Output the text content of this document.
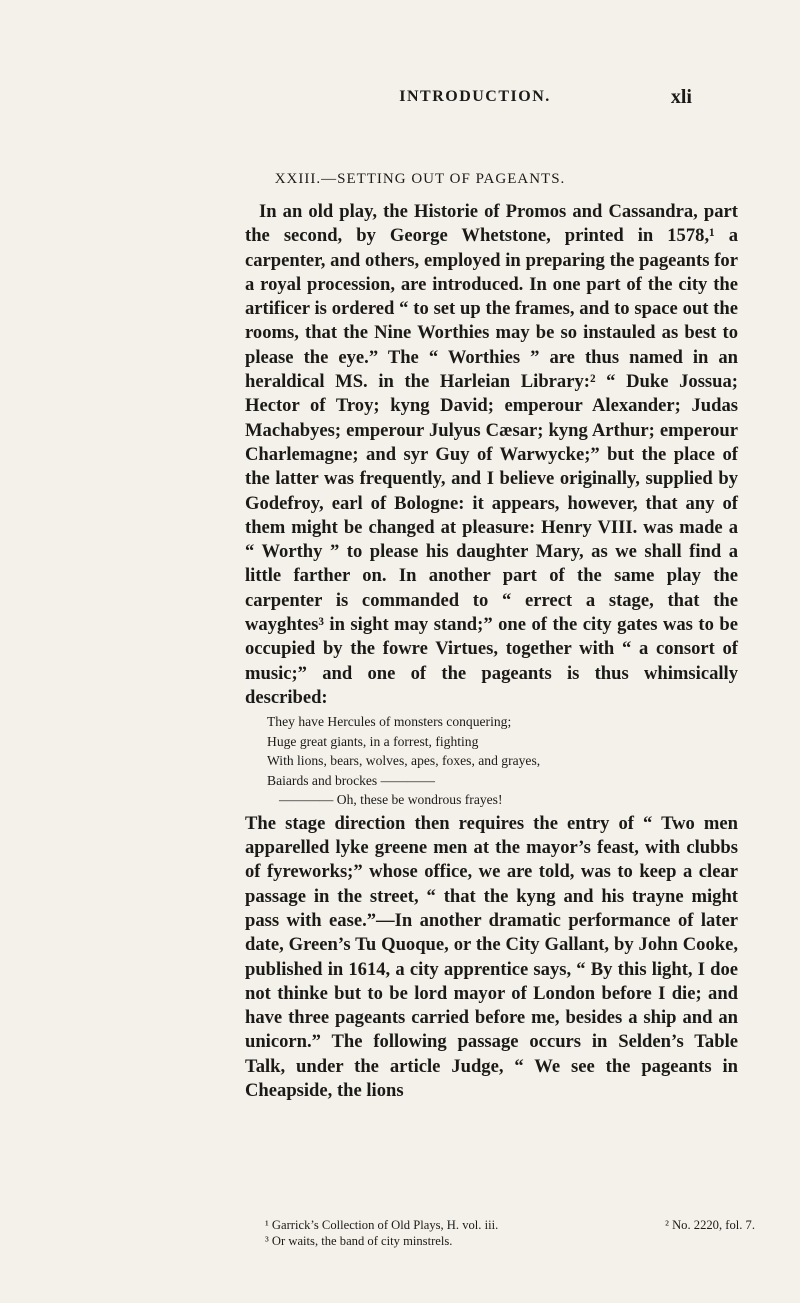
INTRODUCTION.	xli
XXIII.—SETTING OUT OF PAGEANTS.

In an old play, the Historie of Promos and Cassandra, part the second, by George Whetstone, printed in 1578,¹ a carpenter, and others, employed in preparing the pageants for a royal procession, are introduced. In one part of the city the artificer is ordered “ to set up the frames, and to space out the rooms, that the Nine Worthies may be so instauled as best to please the eye.” The “ Worthies ” are thus named in an heraldical MS. in the Harleian Library:² “ Duke Jossua; Hector of Troy; kyng David; emperour Alexander; Judas Machabyes; emperour Julyus Cæsar; kyng Arthur; emperour Charlemagne; and syr Guy of Warwycke;” but the place of the latter was frequently, and I believe originally, supplied by Godefroy, earl of Bologne: it appears, however, that any of them might be changed at pleasure: Henry VIII. was made a “ Worthy ” to please his daughter Mary, as we shall find a little farther on. In another part of the same play the carpenter is commanded to “ errect a stage, that the wayghtes³ in sight may stand;” one of the city gates was to be occupied by the fowre Virtues, together with “ a consort of music;” and one of the pageants is thus whimsically described:

They have Hercules of monsters conquering;
Huge great giants, in a forrest, fighting
With lions, bears, wolves, apes, foxes, and grayes,
Baiards and brockes ————
———— Oh, these be wondrous frayes!

The stage direction then requires the entry of “ Two men apparelled lyke greene men at the mayor’s feast, with clubbs of fyreworks;” whose office, we are told, was to keep a clear passage in the street, “ that the kyng and his trayne might pass with ease.”—In another dramatic performance of later date, Green’s Tu Quoque, or the City Gallant, by John Cooke, published in 1614, a city apprentice says, “ By this light, I doe not thinke but to be lord mayor of London before I die; and have three pageants carried before me, besides a ship and an unicorn.” The following passage occurs in Selden’s Table Talk, under the article Judge, “ We see the pageants in Cheapside, the lions

¹ Garrick’s Collection of Old Plays, H. vol. iii.	² No. 2220, fol. 7.
³ Or waits, the band of city minstrels.
